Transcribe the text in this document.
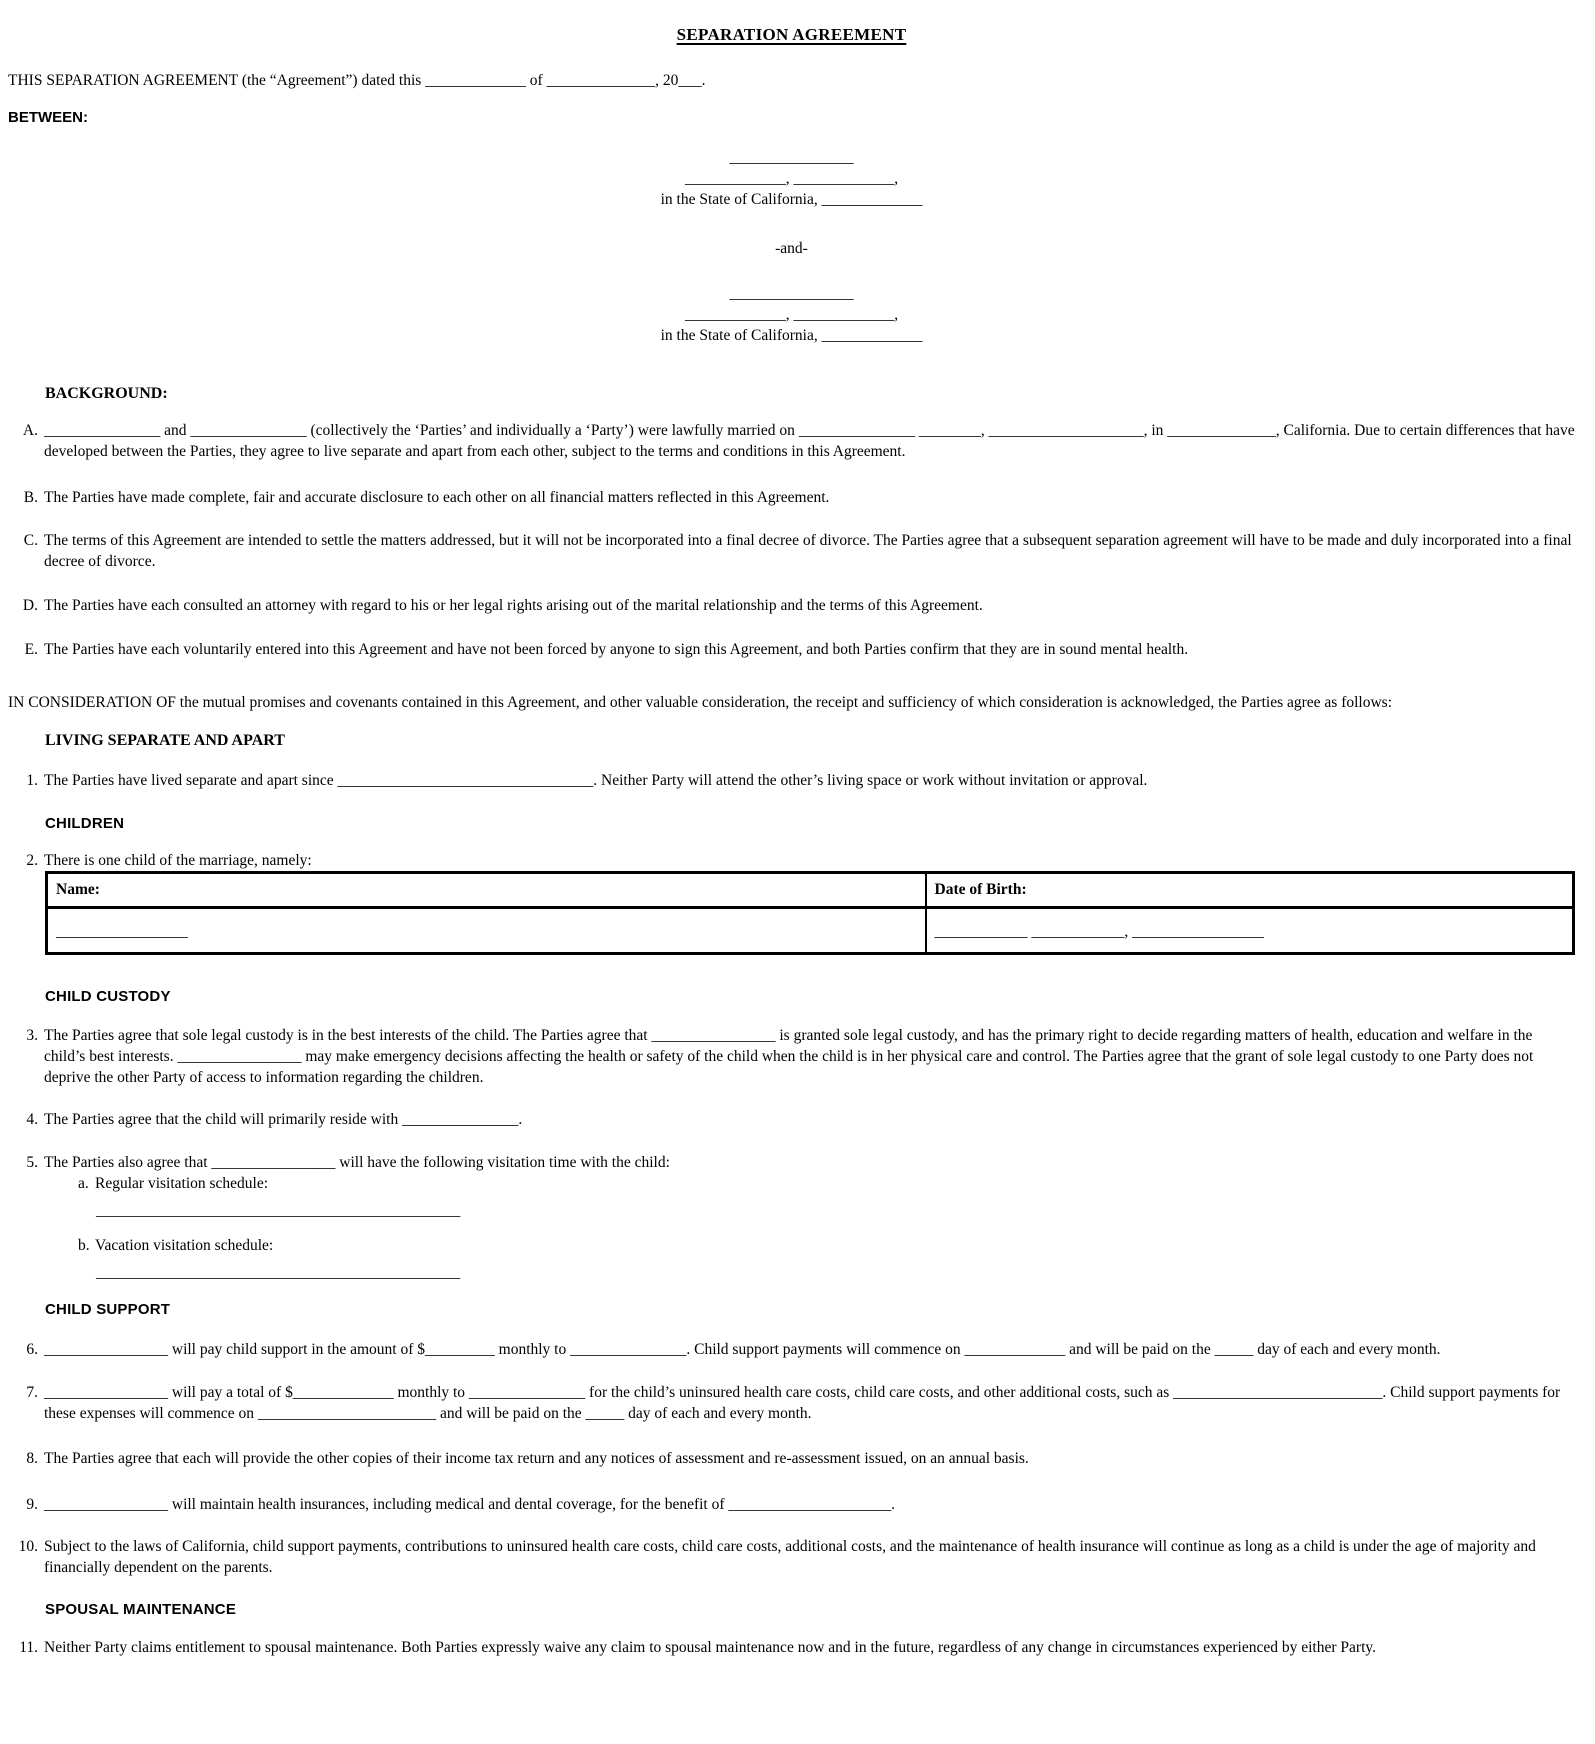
SEPARATION AGREEMENT

THIS SEPARATION AGREEMENT (the “Agreement”) dated this _____________ of ______________, 20___.

BETWEEN:

________________

_____________, _____________,

in the State of California, _____________

-and-

________________

_____________, _____________,

in the State of California, _____________

BACKGROUND:
A. _______________ and _______________ (collectively the ‘Parties’ and individually a ‘Party’) were lawfully married on _______________ ________, ____________________, in ______________, California. Due to certain differences that have developed between the Parties, they agree to live separate and apart from each other, subject to the terms and conditions in this Agreement.
B. The Parties have made complete, fair and accurate disclosure to each other on all financial matters reflected in this Agreement.
C. The terms of this Agreement are intended to settle the matters addressed, but it will not be incorporated into a final decree of divorce. The Parties agree that a subsequent separation agreement will have to be made and duly incorporated into a final decree of divorce.
D. The Parties have each consulted an attorney with regard to his or her legal rights arising out of the marital relationship and the terms of this Agreement.
E. The Parties have each voluntarily entered into this Agreement and have not been forced by anyone to sign this Agreement, and both Parties confirm that they are in sound mental health.

IN CONSIDERATION OF the mutual promises and covenants contained in this Agreement, and other valuable consideration, the receipt and sufficiency of which consideration is acknowledged, the Parties agree as follows:

LIVING SEPARATE AND APART
1. The Parties have lived separate and apart since _________________________________. Neither Party will attend the other’s living space or work without invitation or approval.
CHILDREN
2. There is one child of the marriage, namely:
Name:	Date of Birth:
_________________	____________ ____________, _________________
CHILD CUSTODY
3. The Parties agree that sole legal custody is in the best interests of the child. The Parties agree that ________________ is granted sole legal custody, and has the primary right to decide regarding matters of health, education and welfare in the child’s best interests. ________________ may make emergency decisions affecting the health or safety of the child when the child is in her physical care and control. The Parties agree that the grant of sole legal custody to one Party does not deprive the other Party of access to information regarding the children.
4. The Parties agree that the child will primarily reside with _______________.
5. The Parties also agree that ________________ will have the following visitation time with the child:

a. Regular visitation schedule:

_______________________________________________

b. Vacation visitation schedule:

_______________________________________________

CHILD SUPPORT
6. ________________ will pay child support in the amount of $_________ monthly to _______________. Child support payments will commence on _____________ and will be paid on the _____ day of each and every month.
7. ________________ will pay a total of $_____________ monthly to _______________ for the child’s uninsured health care costs, child care costs, and other additional costs, such as ___________________________. Child support payments for these expenses will commence on _______________________ and will be paid on the _____ day of each and every month.
8. The Parties agree that each will provide the other copies of their income tax return and any notices of assessment and re-assessment issued, on an annual basis.
9. ________________ will maintain health insurances, including medical and dental coverage, for the benefit of _____________________.
10. Subject to the laws of California, child support payments, contributions to uninsured health care costs, child care costs, additional costs, and the maintenance of health insurance will continue as long as a child is under the age of majority and financially dependent on the parents.
SPOUSAL MAINTENANCE
11. Neither Party claims entitlement to spousal maintenance. Both Parties expressly waive any claim to spousal maintenance now and in the future, regardless of any change in circumstances experienced by either Party.
